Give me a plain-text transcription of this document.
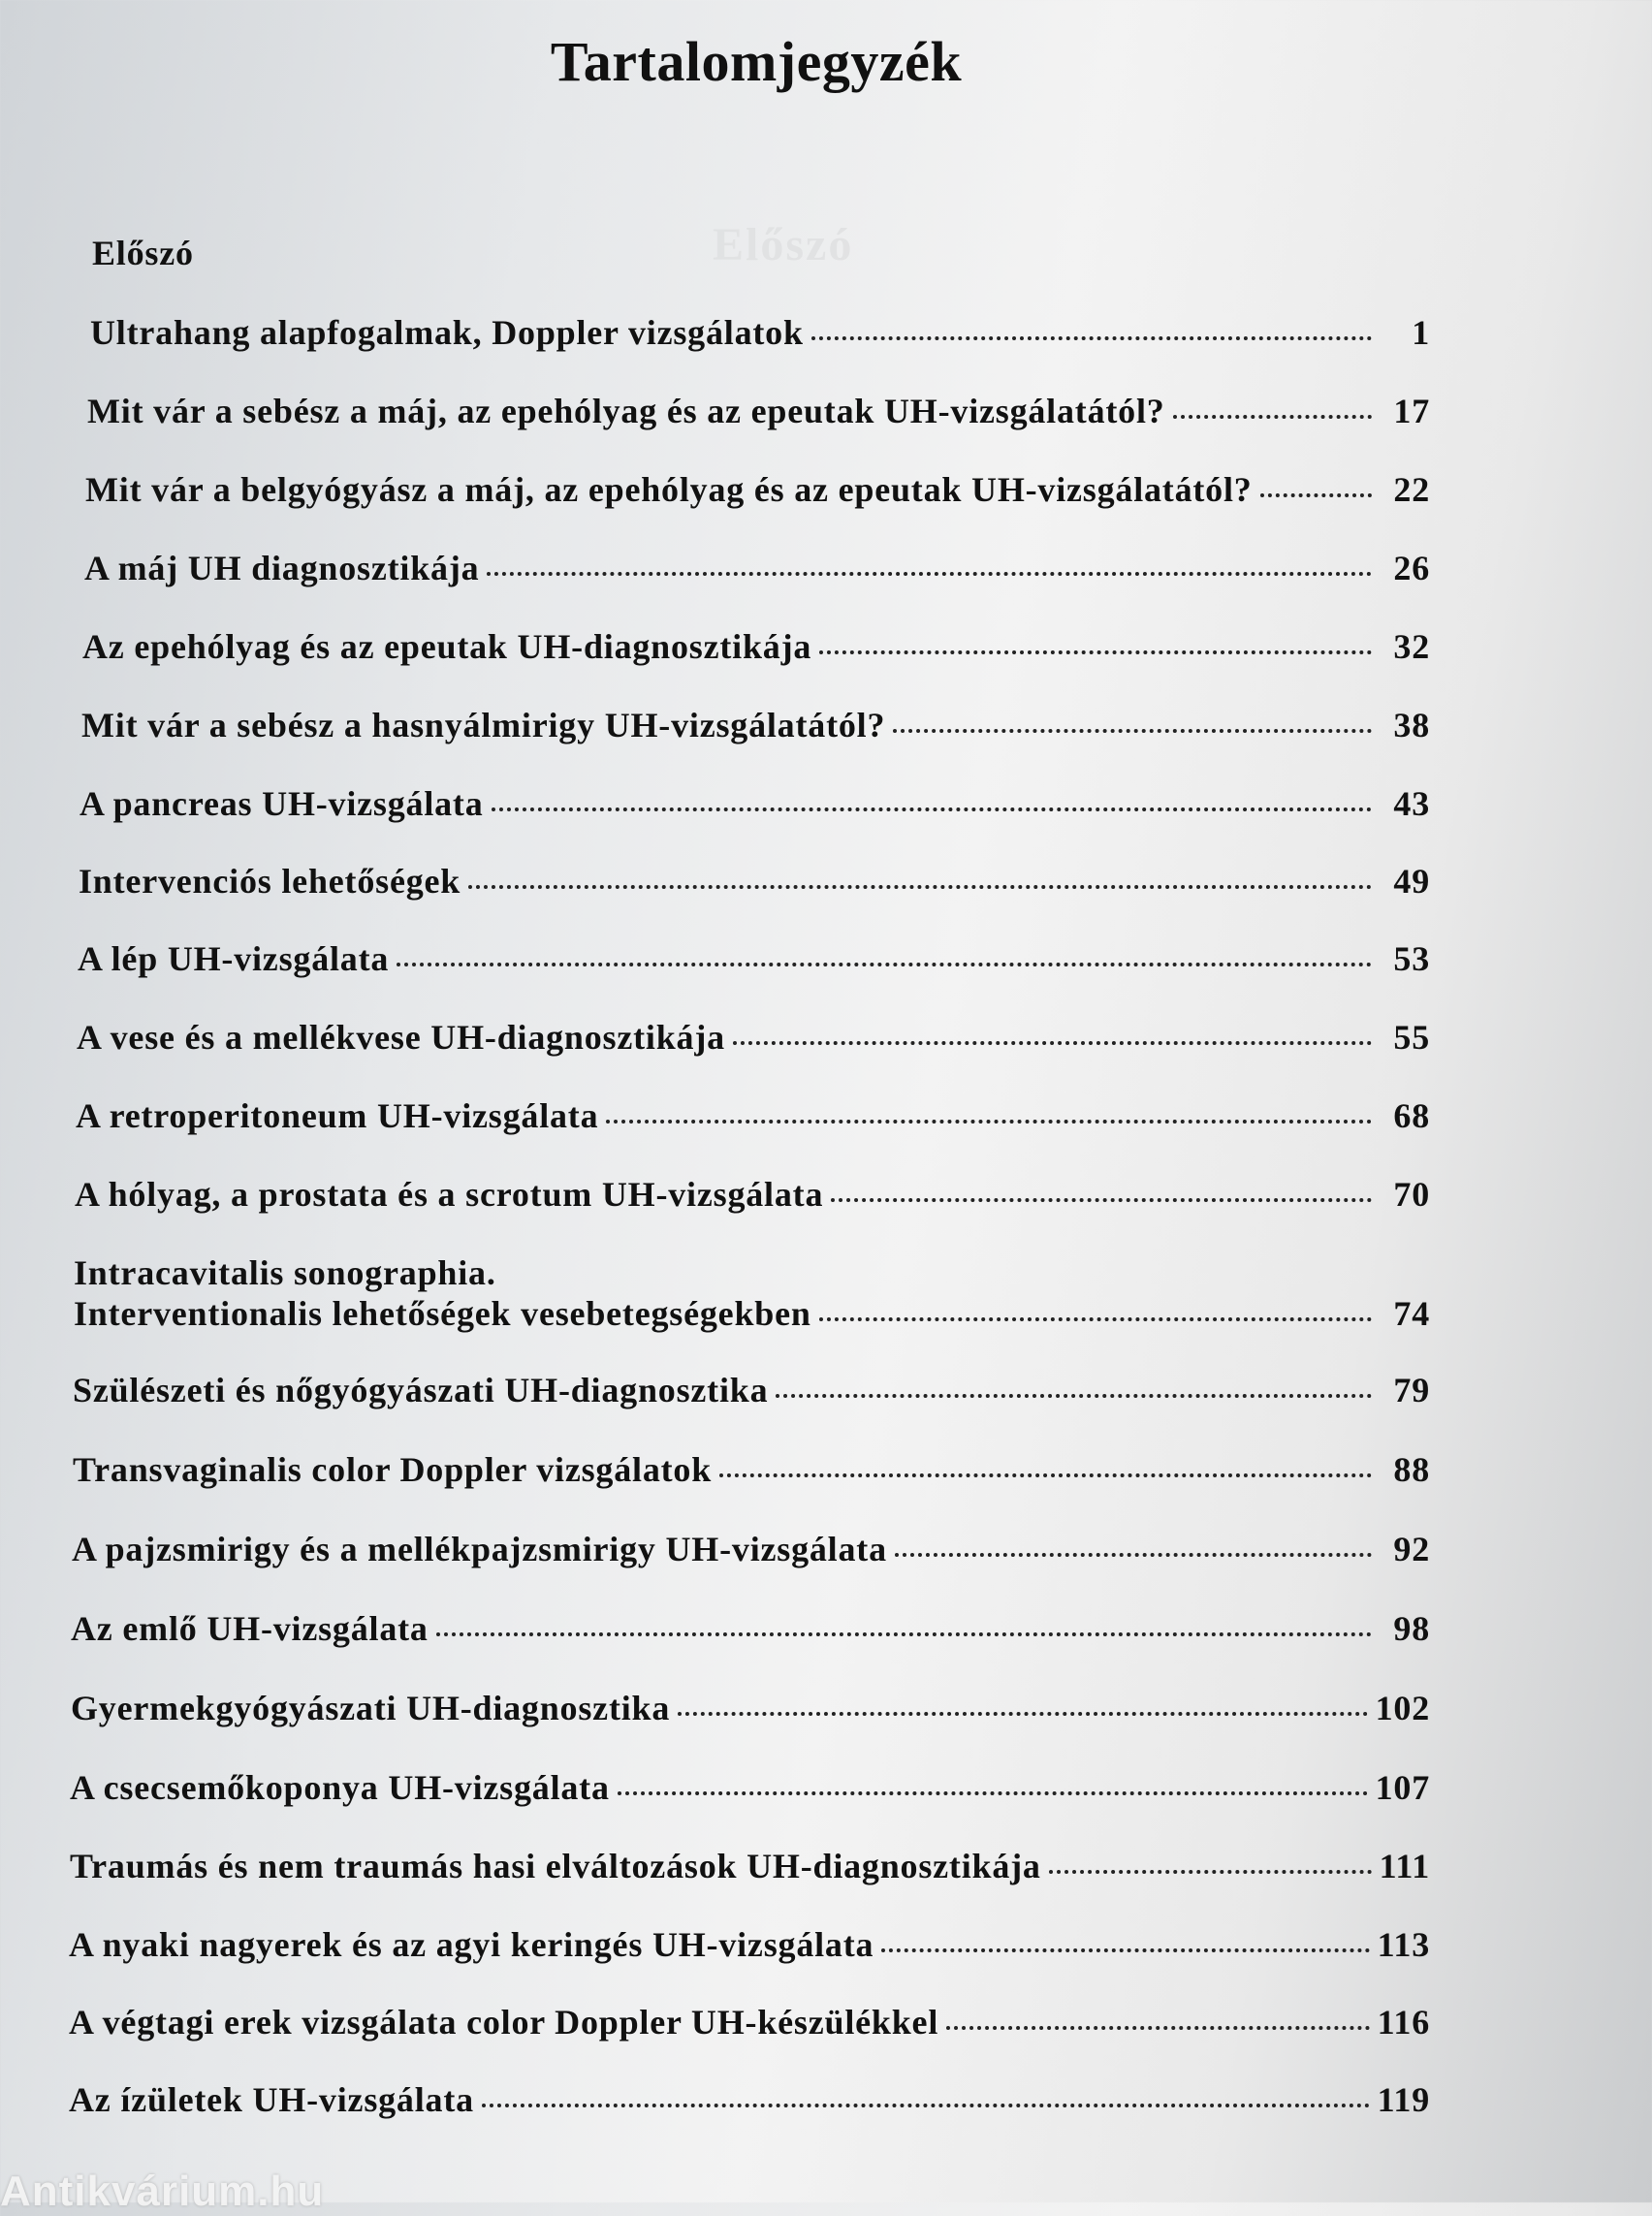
Tartalomjegyzék
Előszó
Előszó
Ultrahang alapfogalmak, Doppler vizsgálatok	1
Mit vár a sebész a máj, az epehólyag és az epeutak UH-vizsgálatától?	17
Mit vár a belgyógyász a máj, az epehólyag és az epeutak UH-vizsgálatától?	22
A máj UH diagnosztikája	26
Az epehólyag és az epeutak UH-diagnosztikája	32
Mit vár a sebész a hasnyálmirigy UH-vizsgálatától?	38
A pancreas UH-vizsgálata	43
Intervenciós lehetőségek	49
A lép UH-vizsgálata	53
A vese és a mellékvese UH-diagnosztikája	55
A retroperitoneum UH-vizsgálata	68
A hólyag, a prostata és a scrotum UH-vizsgálata	70
Intracavitalis sonographia.
Interventionalis lehetőségek vesebetegségekben	74
Szülészeti és nőgyógyászati UH-diagnosztika	79
Transvaginalis color Doppler vizsgálatok	88
A pajzsmirigy és a mellékpajzsmirigy UH-vizsgálata	92
Az emlő UH-vizsgálata	98
Gyermekgyógyászati UH-diagnosztika	102
A csecsemőkoponya UH-vizsgálata	107
Traumás és nem traumás hasi elváltozások UH-diagnosztikája	111
A nyaki nagyerek és az agyi keringés UH-vizsgálata	113
A végtagi erek vizsgálata color Doppler UH-készülékkel	116
Az ízületek UH-vizsgálata	119
Antikvárium.hu
